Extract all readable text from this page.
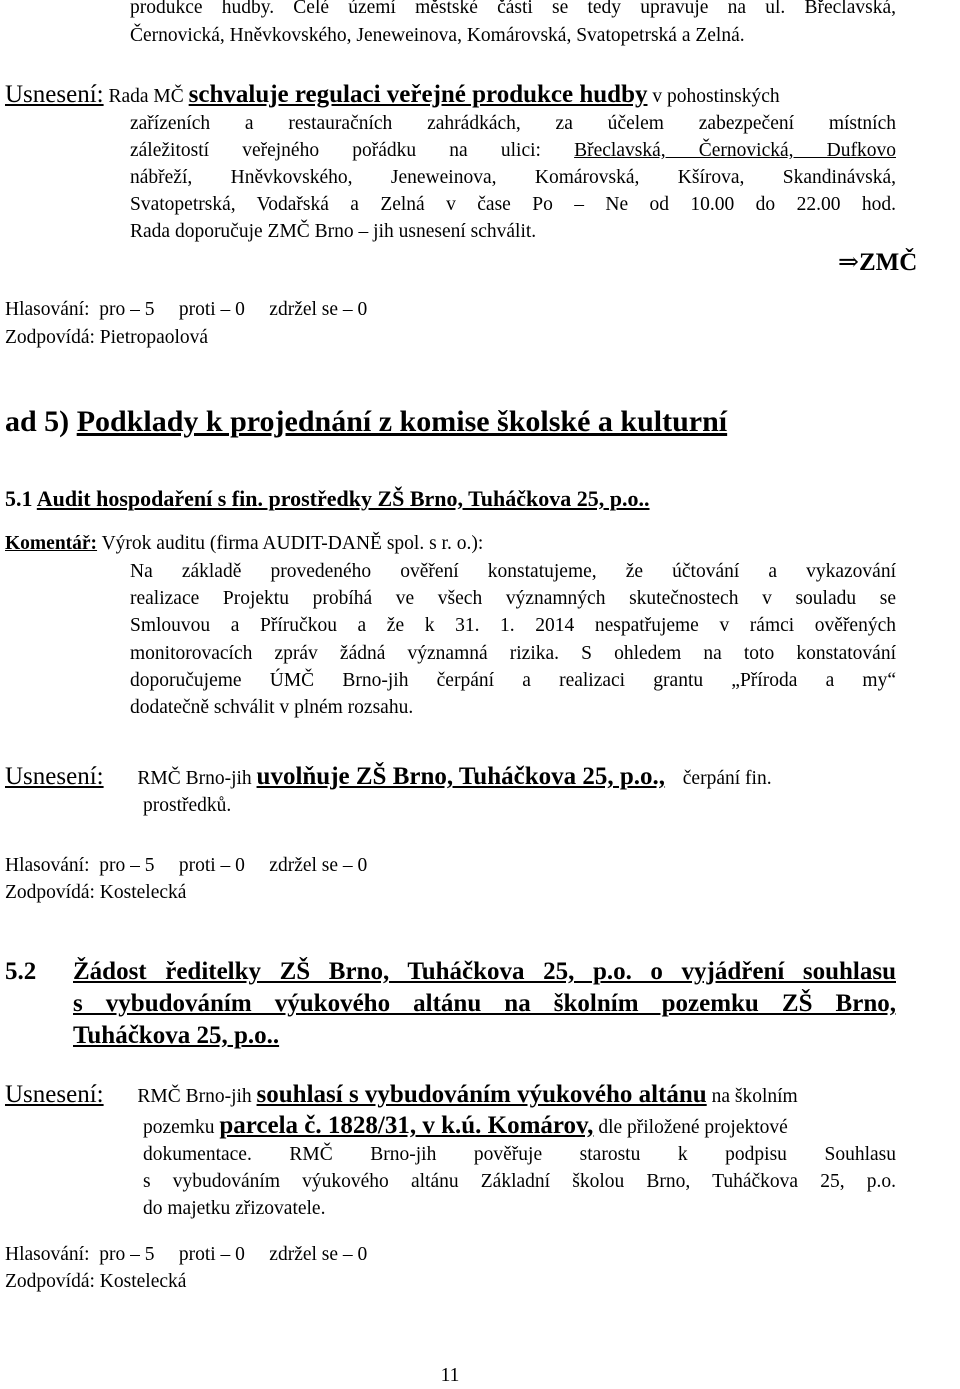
produkce hudby. Celé území městské části se tedy upravuje na ul. Břeclavská,
Černovická, Hněvkovského, Jeneweinova, Komárovská, Svatopetrská a Zelná.
Usnesení: Rada MČ schvaluje regulaci veřejné produkce hudby v pohostinských
zařízeních a restauračních zahrádkách, za účelem zabezpečení místních
záležitostí veřejného pořádku na ulici: Břeclavská, Černovická, Dufkovo
nábřeží, Hněvkovského, Jeneweinova, Komárovská, Kšírova, Skandinávská,
Svatopetrská, Vodařská a Zelná v čase Po – Ne od 10.00 do 22.00 hod.
Rada doporučuje ZMČ Brno – jih usnesení schválit.
⇒ZMČ
Hlasování:  pro – 5     proti – 0     zdržel se – 0
Zodpovídá: Pietropaolová
ad 5) Podklady k projednání z komise školské a kulturní
5.1 Audit hospodaření s fin. prostředky ZŠ Brno, Tuháčkova 25, p.o..
Komentář: Výrok auditu (firma AUDIT-DANĚ spol. s r. o.):
Na základě provedeného ověření konstatujeme, že účtování a vykazování
realizace Projektu probíhá ve všech významných skutečnostech v souladu se
Smlouvou a Příručkou a že k 31. 1. 2014 nespatřujeme v rámci ověřených
monitorovacích zpráv žádná významná rizika. S ohledem na toto konstatování
doporučujeme ÚMČ Brno-jih čerpání a realizaci grantu „Příroda a my“
dodatečně schválit v plném rozsahu.
Usnesení: RMČ Brno-jih uvolňuje ZŠ Brno, Tuháčkova 25, p.o., čerpání fin.
prostředků.
Hlasování:  pro – 5     proti – 0     zdržel se – 0
Zodpovídá: Kostelecká
5.2 Žádost ředitelky ZŠ Brno, Tuháčkova 25, p.o. o vyjádření souhlasu
s vybudováním výukového altánu na školním pozemku ZŠ Brno,
Tuháčkova 25, p.o..
Usnesení: RMČ Brno-jih souhlasí s vybudováním výukového altánu na školním
pozemku parcela č. 1828/31, v k.ú. Komárov, dle přiložené projektové
dokumentace. RMČ Brno-jih pověřuje starostu k podpisu Souhlasu
s vybudováním výukového altánu Základní školou Brno, Tuháčkova 25, p.o.
do majetku zřizovatele.
Hlasování:  pro – 5     proti – 0     zdržel se – 0
Zodpovídá: Kostelecká
11
